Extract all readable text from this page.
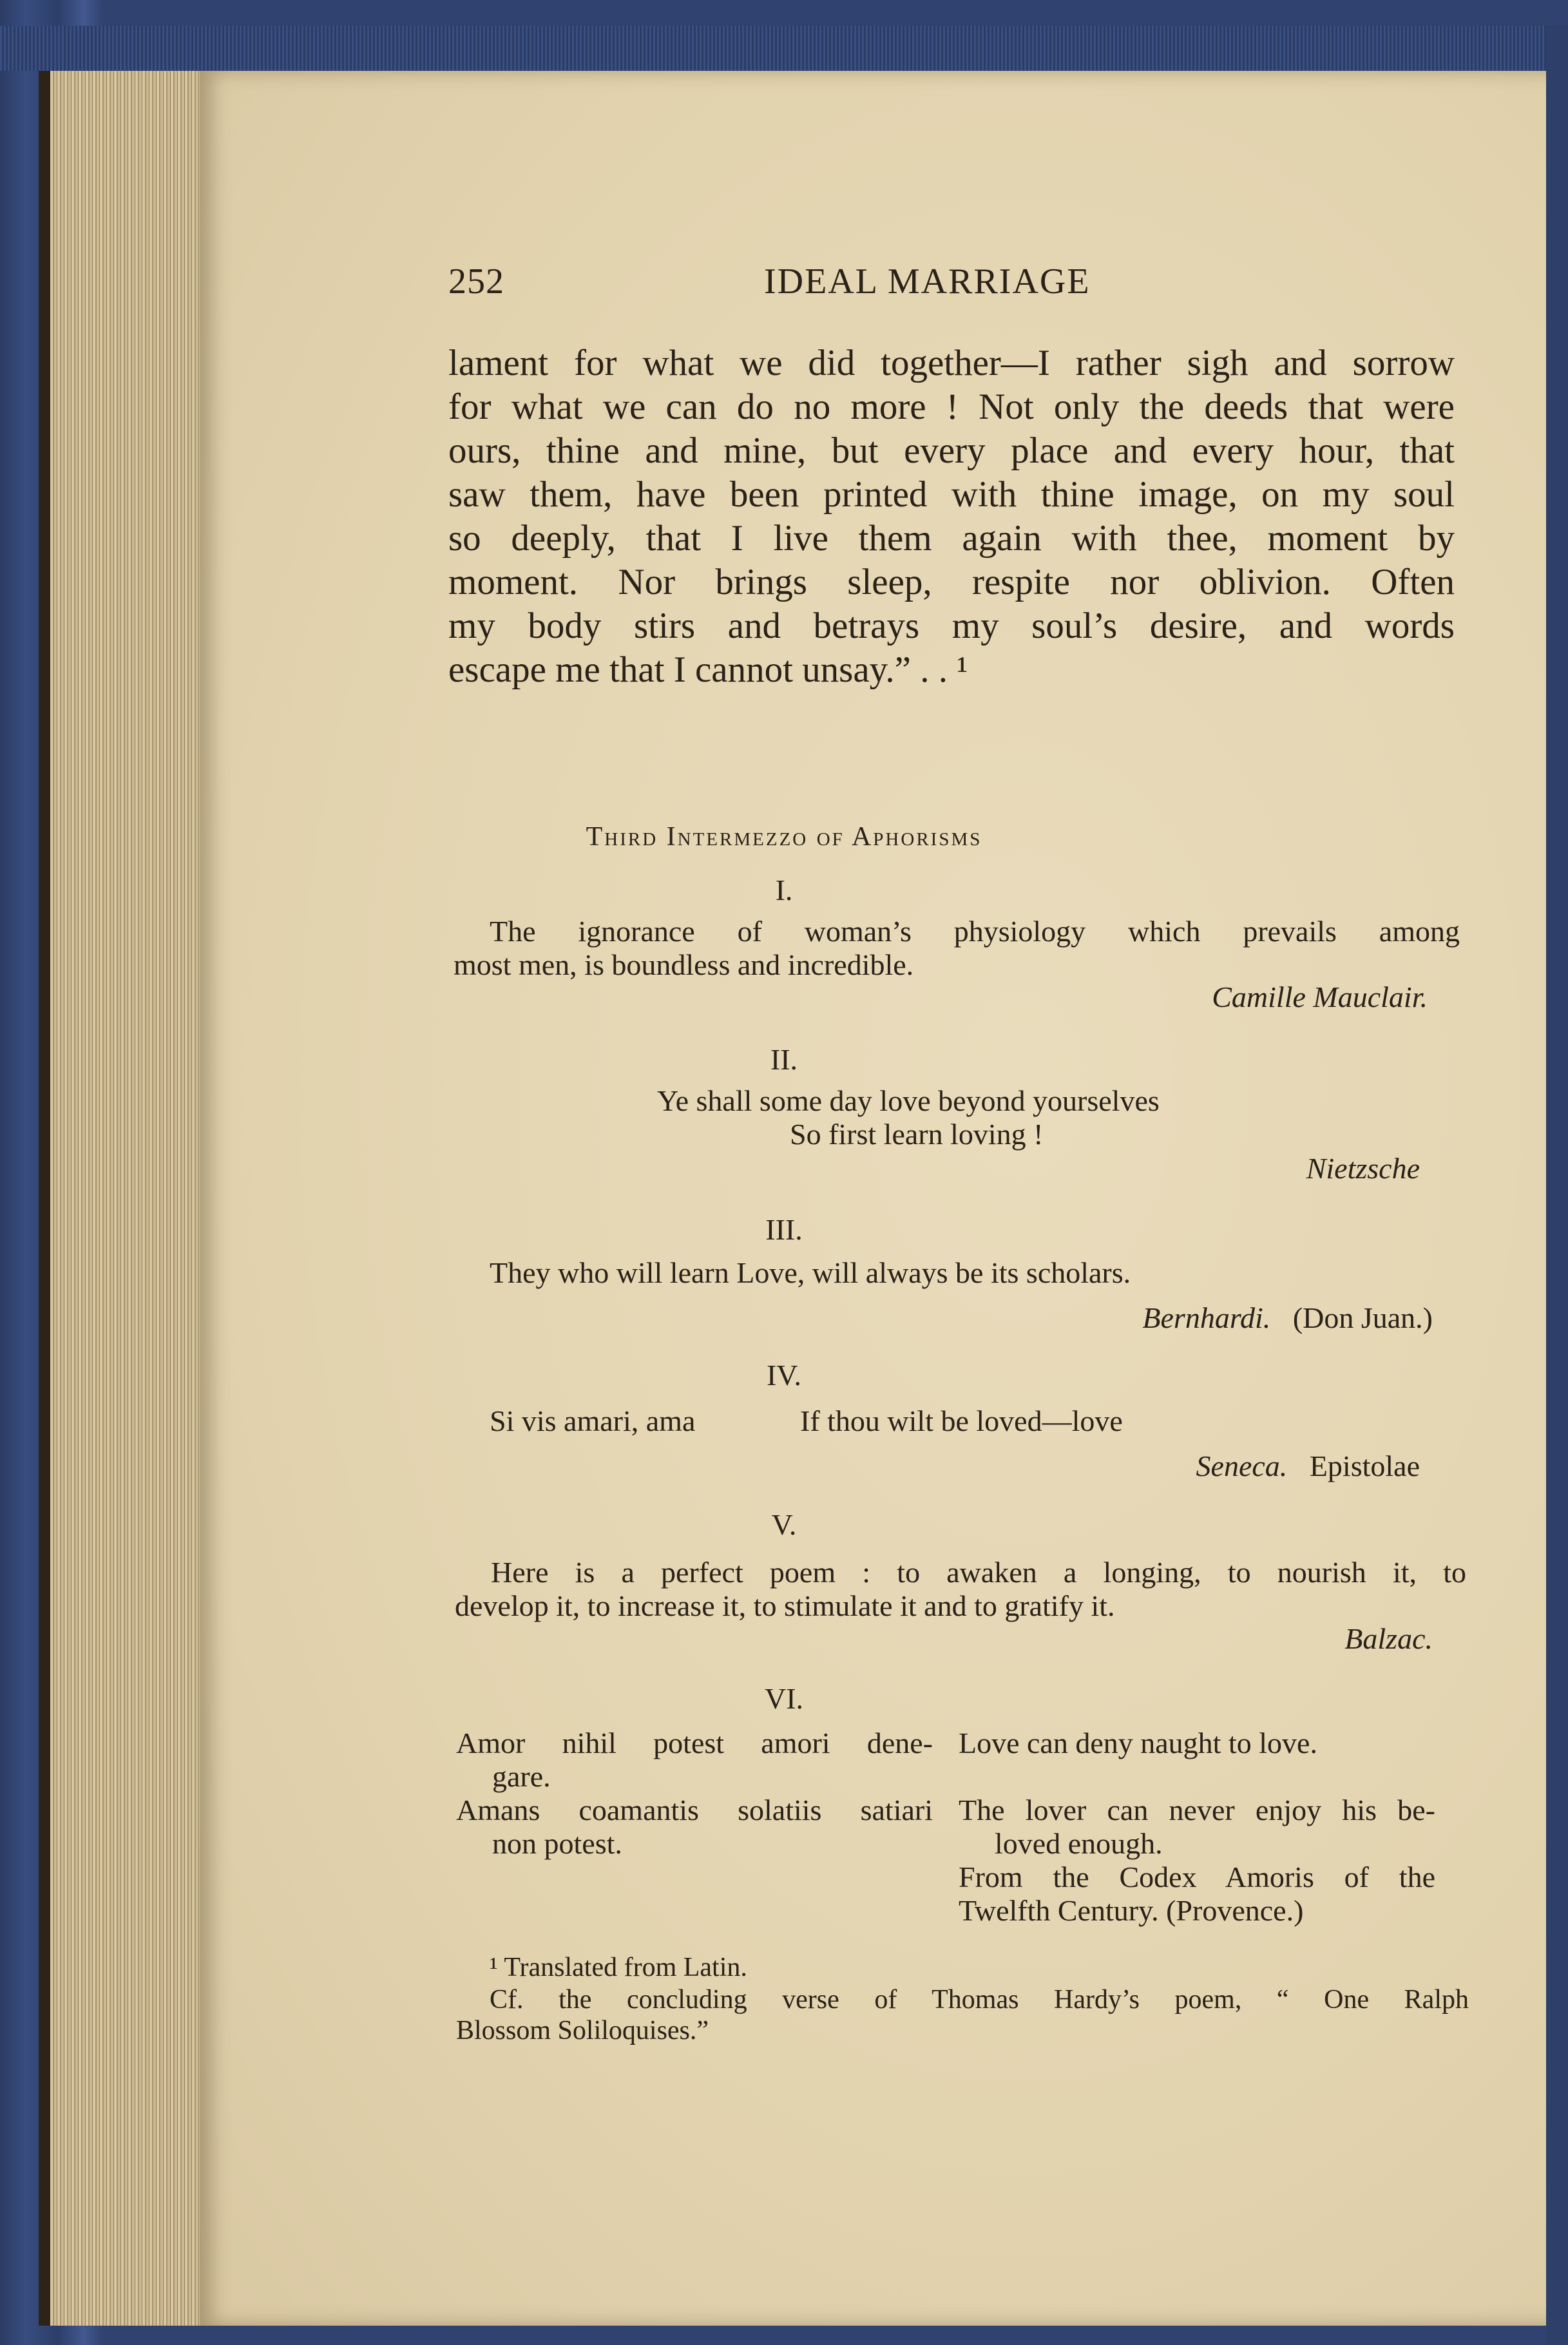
252	IDEAL MARRIAGE
lament for what we did together—I rather sigh and sorrow
for what we can do no more ! Not only the deeds that were
ours, thine and mine, but every place and every hour, that
saw them, have been printed with thine image, on my soul
so deeply, that I live them again with thee, moment by
moment. Nor brings sleep, respite nor oblivion. Often
my body stirs and betrays my soul’s desire, and words
escape me that I cannot unsay.” . . ¹
Third Intermezzo of Aphorisms
I.
The ignorance of woman’s physiology which prevails among
most men, is boundless and incredible.
Camille Mauclair.
II.
Ye shall some day love beyond yourselves
So first learn loving !
Nietzsche
III.
They who will learn Love, will always be its scholars.
Bernhardi. (Don Juan.)
IV.
Si vis amari, ama	If thou wilt be loved—love
Seneca. Epistolae
V.
Here is a perfect poem : to awaken a longing, to nourish it, to
develop it, to increase it, to stimulate it and to gratify it.
Balzac.
VI.
Amor nihil potest amori dene-
gare.
Amans coamantis solatiis satiari
non potest.
Love can deny naught to love.
The lover can never enjoy his be-
loved enough.
From the Codex Amoris of the
Twelfth Century. (Provence.)
¹ Translated from Latin.
Cf. the concluding verse of Thomas Hardy’s poem, “ One Ralph
Blossom Soliloquises.”
